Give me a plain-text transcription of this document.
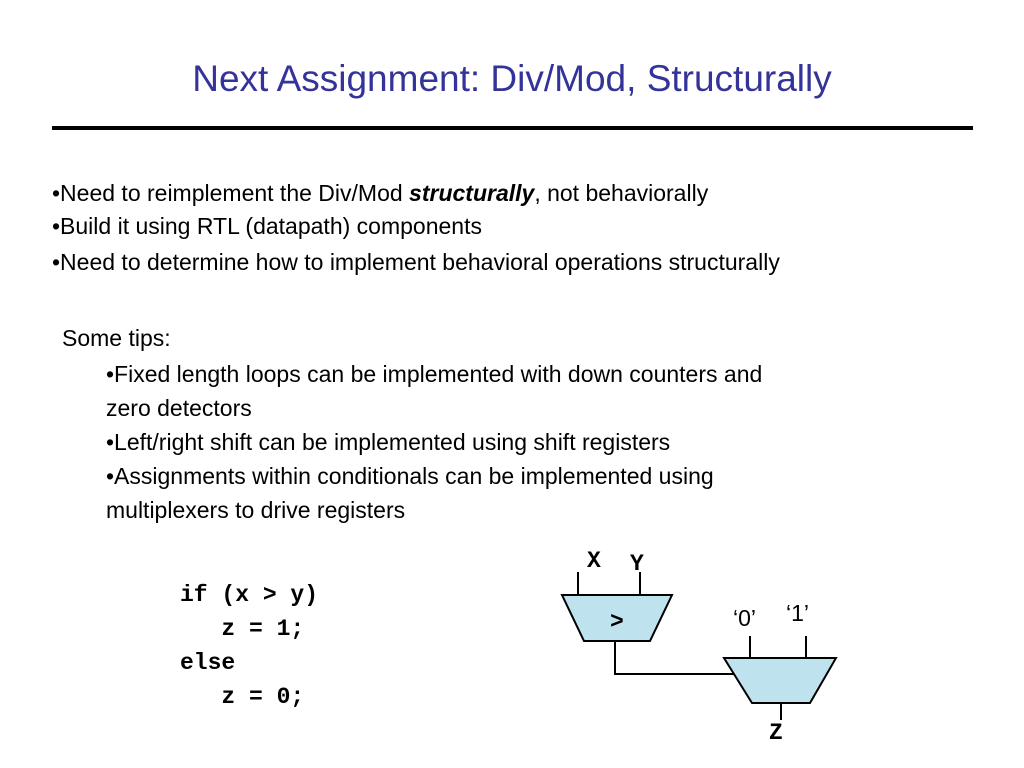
Next Assignment: Div/Mod, Structurally
•Need to reimplement the Div/Mod structurally, not behaviorally
•Build it using RTL (datapath) components
•Need to determine how to implement behavioral operations structurally
Some tips:
•Fixed length loops can be implemented with down counters and
zero detectors
•Left/right shift can be implemented using shift registers
•Assignments within conditionals can be implemented using
multiplexers to drive registers
if (x > y)
z = 1;
else
z = 0;
X Y
>	‘0’ ‘1’
Z
